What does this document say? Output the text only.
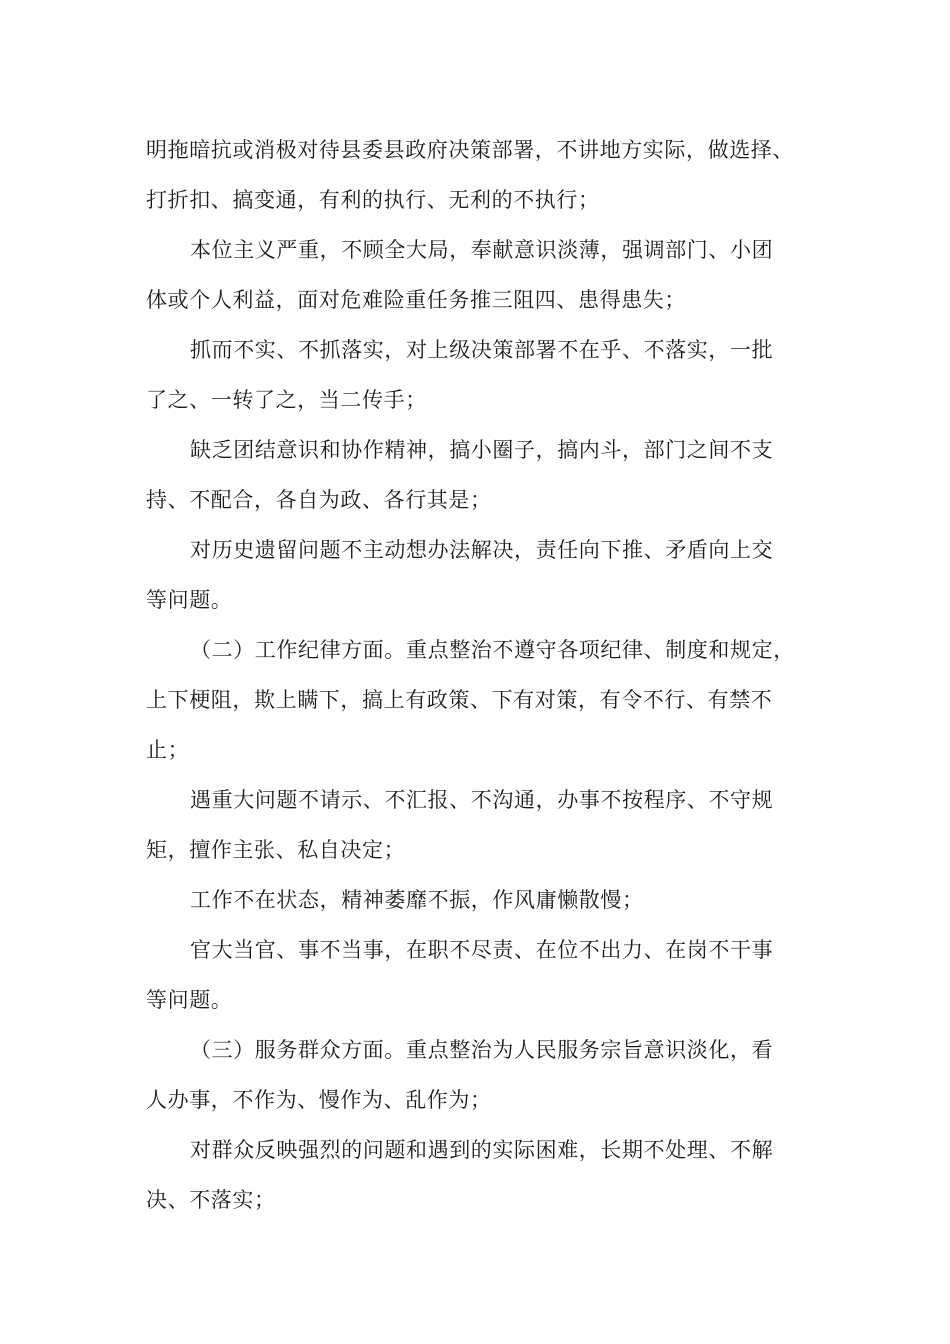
明拖暗抗或消极对待县委县政府决策部署，不讲地方实际，做选择、
打折扣、搞变通，有利的执行、无利的不执行；
本位主义严重，不顾全大局，奉献意识淡薄，强调部门、小团
体或个人利益，面对危难险重任务推三阻四、患得患失；
抓而不实、不抓落实，对上级决策部署不在乎、不落实，一批
了之、一转了之，当二传手；
缺乏团结意识和协作精神，搞小圈子，搞内斗，部门之间不支
持、不配合，各自为政、各行其是；
对历史遗留问题不主动想办法解决，责任向下推、矛盾向上交
等问题。
（二）工作纪律方面。重点整治不遵守各项纪律、制度和规定，
上下梗阻，欺上瞒下，搞上有政策、下有对策，有令不行、有禁不
止；
遇重大问题不请示、不汇报、不沟通，办事不按程序、不守规
矩，擅作主张、私自决定；
工作不在状态，精神萎靡不振，作风庸懒散慢；
官大当官、事不当事，在职不尽责、在位不出力、在岗不干事
等问题。
（三）服务群众方面。重点整治为人民服务宗旨意识淡化，看
人办事，不作为、慢作为、乱作为；
对群众反映强烈的问题和遇到的实际困难，长期不处理、不解
决、不落实；
